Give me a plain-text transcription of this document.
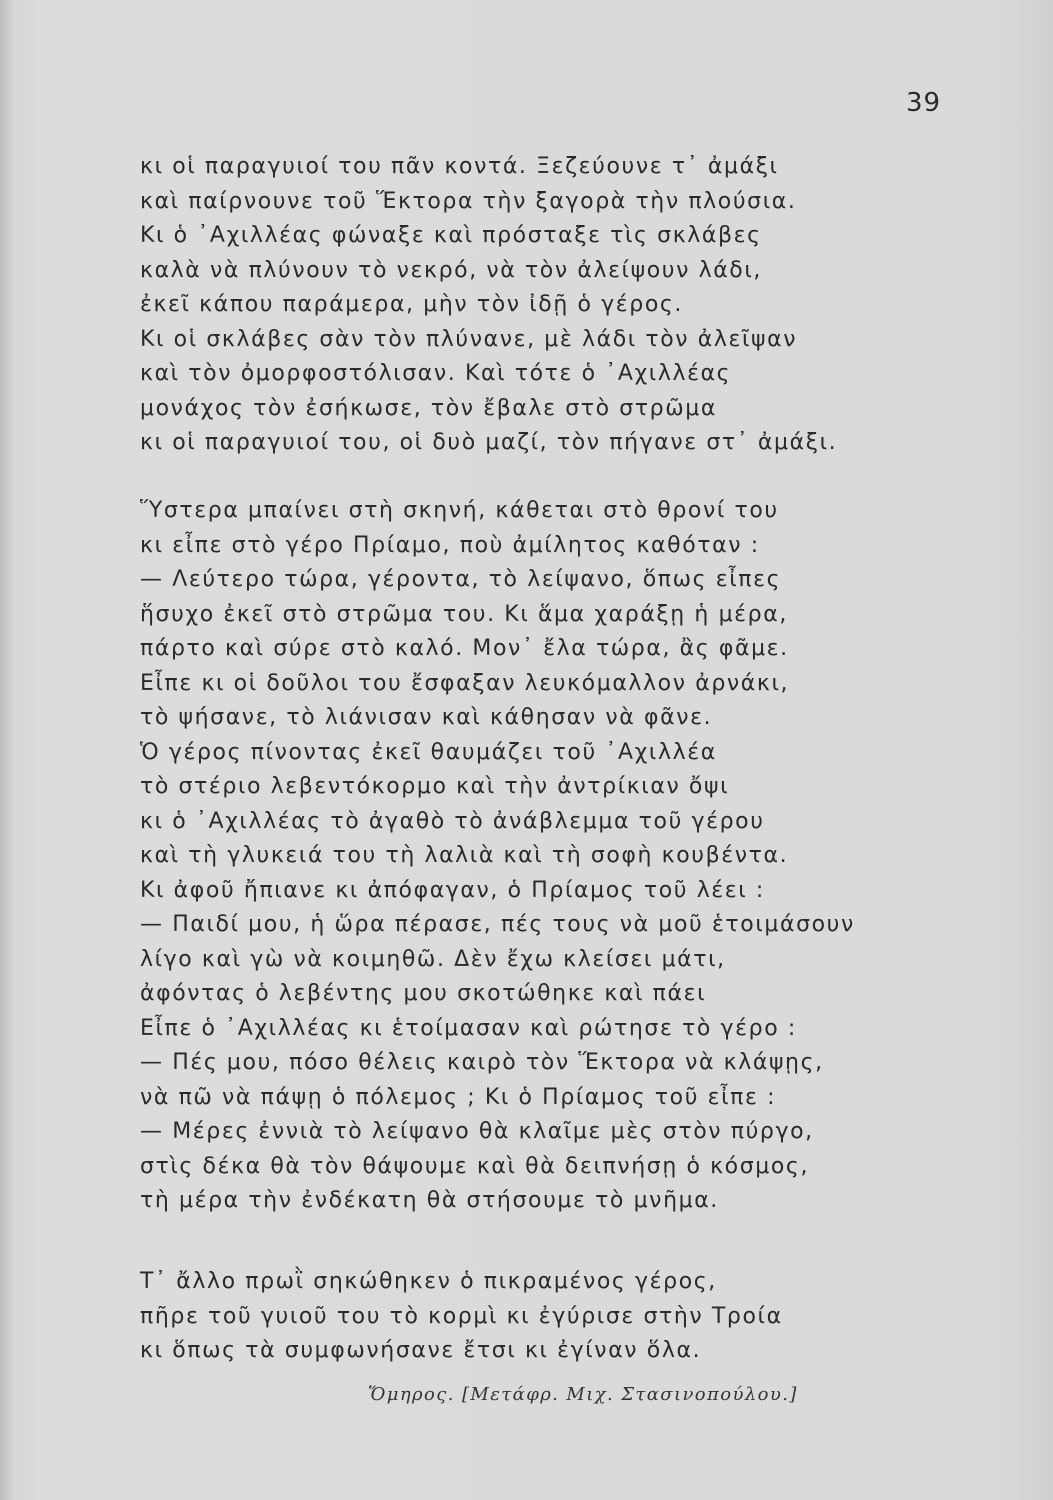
39
κι οἱ παραγυιοί του πᾶν κοντά. Ξεζεύουνε τ᾽ ἀμάξι
καὶ παίρνουνε τοῦ Ἕκτορα τὴν ξαγορὰ τὴν πλούσια.
Κι ὁ ᾽Αχιλλέας φώναξε καὶ πρόσταξε τὶς σκλάβες
καλὰ νὰ πλύνουν τὸ νεκρό, νὰ τὸν ἀλείψουν λάδι,
ἐκεῖ κάπου παράμερα, μὴν τὸν ἰδῇ ὁ γέρος.
Κι οἱ σκλάβες σὰν τὸν πλύνανε, μὲ λάδι τὸν ἀλεῖψαν
καὶ τὸν ὀμορφοστόλισαν. Καὶ τότε ὁ ᾽Αχιλλέας
μονάχος τὸν ἐσήκωσε, τὸν ἔβαλε στὸ στρῶμα
κι οἱ παραγυιοί του, οἱ δυὸ μαζί, τὸν πήγανε στ᾽ ἀμάξι.
Ὕστερα μπαίνει στὴ σκηνή, κάθεται στὸ θρονί του
κι εἶπε στὸ γέρο Πρίαμο, ποὺ ἀμίλητος καθόταν :
— Λεύτερο τώρα, γέροντα, τὸ λείψανο, ὅπως εἶπες
ἥσυχο ἐκεῖ στὸ στρῶμα του. Κι ἅμα χαράξῃ ἡ μέρα,
πάρτο καὶ σύρε στὸ καλό. Μον᾽ ἔλα τώρα, ἂς φᾶμε.
Εἶπε κι οἱ δοῦλοι του ἔσφαξαν λευκόμαλλον ἀρνάκι,
τὸ ψήσανε, τὸ λιάνισαν καὶ κάθησαν νὰ φᾶνε.
Ὁ γέρος πίνοντας ἐκεῖ θαυμάζει τοῦ ᾽Αχιλλέα
τὸ στέριο λεβεντόκορμο καὶ τὴν ἀντρίκιαν ὄψι
κι ὁ ᾽Αχιλλέας τὸ ἀγαθὸ τὸ ἀνάβλεμμα τοῦ γέρου
καὶ τὴ γλυκειά του τὴ λαλιὰ καὶ τὴ σοφὴ κουβέντα.
Κι ἀφοῦ ἤπιανε κι ἀπόφαγαν, ὁ Πρίαμος τοῦ λέει :
— Παιδί μου, ἡ ὥρα πέρασε, πές τους νὰ μοῦ ἑτοιμάσουν
λίγο καὶ γὼ νὰ κοιμηθῶ. Δὲν ἔχω κλείσει μάτι,
ἀφόντας ὁ λεβέντης μου σκοτώθηκε καὶ πάει
Εἶπε ὁ ᾽Αχιλλέας κι ἑτοίμασαν καὶ ρώτησε τὸ γέρο :
— Πές μου, πόσο θέλεις καιρὸ τὸν Ἕκτορα νὰ κλάψῃς,
νὰ πῶ νὰ πάψῃ ὁ πόλεμος ; Κι ὁ Πρίαμος τοῦ εἶπε :
— Μέρες ἐννιὰ τὸ λείψανο θὰ κλαῖμε μὲς στὸν πύργο,
στὶς δέκα θὰ τὸν θάψουμε καὶ θὰ δειπνήσῃ ὁ κόσμος,
τὴ μέρα τὴν ἐνδέκατη θὰ στήσουμε τὸ μνῆμα.
Τ᾽ ἄλλο πρωῒ σηκώθηκεν ὁ πικραμένος γέρος,
πῆρε τοῦ γυιοῦ του τὸ κορμὶ κι ἐγύρισε στὴν Τροία
κι ὅπως τὰ συμφωνήσανε ἔτσι κι ἐγίναν ὅλα.
Ὅμηρος. [Μετάφρ. Μιχ. Στασινοπούλου.]
